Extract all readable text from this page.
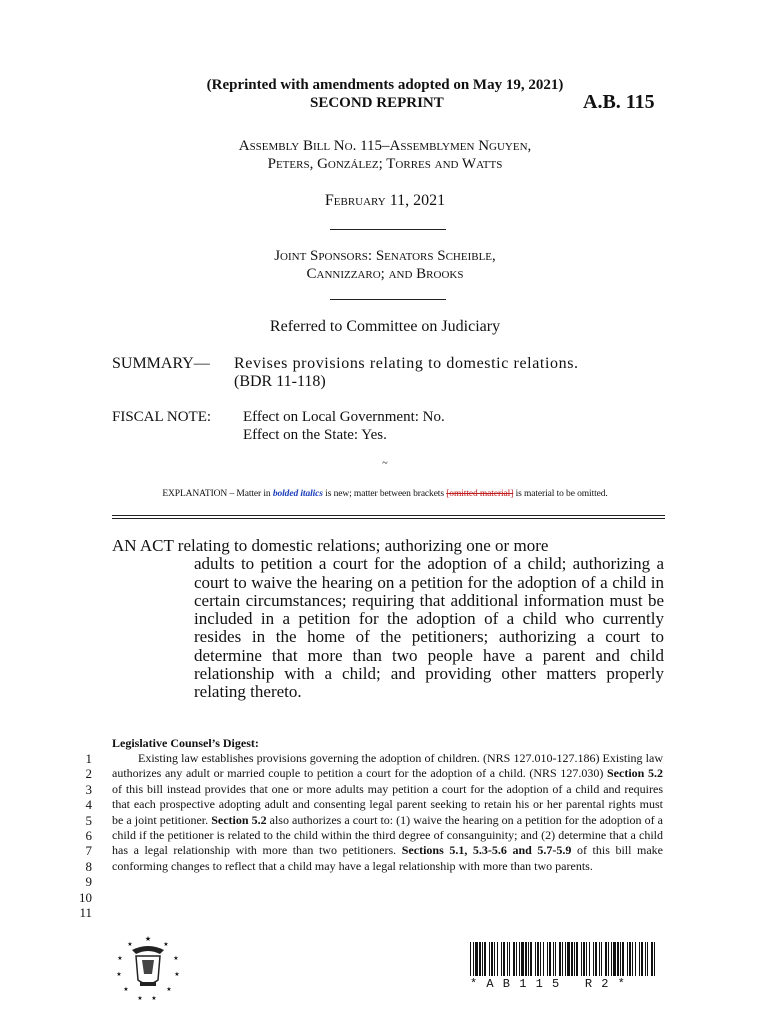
(Reprinted with amendments adopted on May 19, 2021)
SECOND REPRINT	A.B. 115
Assembly Bill No. 115–Assemblymen Nguyen,
Peters, González; Torres and Watts
February 11, 2021
Joint Sponsors: Senators Scheible,
Cannizzaro; and Brooks
Referred to Committee on Judiciary
SUMMARY— Revises provisions relating to domestic relations.
(BDR 11-118)
FISCAL NOTE: Effect on Local Government: No.
Effect on the State: Yes.
~
EXPLANATION – Matter in bolded italics is new; matter between brackets [omitted material] is material to be omitted.
AN ACT relating to domestic relations; authorizing one or more
adults to petition a court for the adoption of a child; authorizing a court to waive the hearing on a petition for the adoption of a child in certain circumstances; requiring that additional information must be included in a petition for the adoption of a child who currently resides in the home of the petitioners; authorizing a court to determine that more than two people have a parent and child relationship with a child; and providing other matters properly relating thereto.
Legislative Counsel’s Digest:
1
2
3
4
5
6
7
8
9
10
11
Existing law establishes provisions governing the adoption of children. (NRS 127.010-127.186) Existing law authorizes any adult or married couple to petition a court for the adoption of a child. (NRS 127.030) Section 5.2 of this bill instead provides that one or more adults may petition a court for the adoption of a child and requires that each prospective adopting adult and consenting legal parent seeking to retain his or her parental rights must be a joint petitioner. Section 5.2 also authorizes a court to: (1) waive the hearing on a petition for the adoption of a child if the petitioner is related to the child within the third degree of consanguinity; and (2) determine that a child has a legal relationship with more than two petitioners. Sections 5.1, 5.3-5.6 and 5.7-5.9 of this bill make conforming changes to reflect that a child may have a legal relationship with more than two parents.
★
★
★
★
★
★
★
★
★
★
★
* A B 1 1 5   R 2 *
